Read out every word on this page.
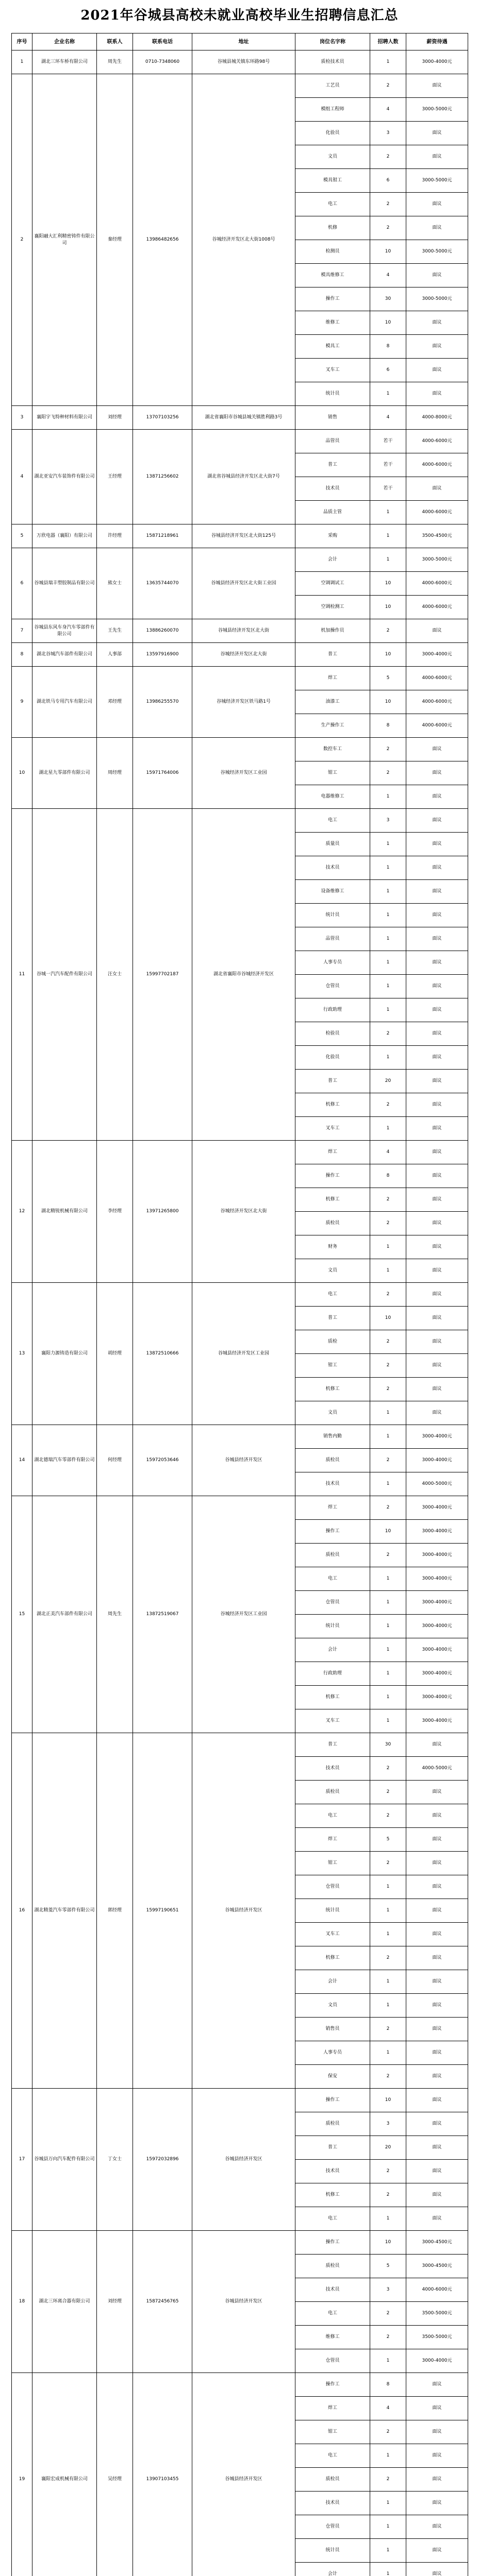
2021年谷城县高校未就业高校毕业生招聘信息汇总
序号	企业名称	联系人	联系电话	地址	岗位名字称	招聘人数	薪资待遇
1	湖北三环车桥有限公司	周先生	0710-7348060	谷城县城关镇东环路98号	质检技术员	1	3000-4000元
2	襄阳融大汇利精密铸件有限公司	秦经理	13986482656	谷城经济开发区北大街1008号	工艺员	2	面议
					模组工程师	4	3000-5000元
					化验员	3	面议
					文员	2	面议
					模具钳工	6	3000-5000元
					电工	2	面议
					机修	2	面议
					检测员	10	3000-5000元
					模具维修工	4	面议
					操作工	30	3000-5000元
					维修工	10	面议
					模具工	8	面议
					叉车工	6	面议
					统计员	1	面议
3	襄阳宇飞特种材料有限公司	刘经理	13707103256	湖北省襄阳市谷城县城关镇胜利路3号	销售	4	4000-8000元
4	湖北亚安汽车装饰件有限公司	王经理	13871256602	湖北省谷城县经济开发区北大街7号	品管员	若干	4000-6000元
					普工	若干	4000-6000元
					技术员	若干	面议
					品质主管	1	4000-6000元
5	万欣电器（襄阳）有限公司	许经理	15871218961	谷城县经济开发区北大街125号	采购	1	3500-4500元
6	谷城县瑞丰塑胶制品有限公司	熊女士	13635744070	谷城县经济开发区北大街工业园	会计	1	3000-5000元
					空调调试工	10	4000-6000元
					空调检测工	10	4000-6000元
7	谷城县东风车身汽车零部件有限公司	王先生	13886260070	谷城县经济开发区北大街	机加操作员	2	面议
8	湖北谷城汽车部件有限公司	人事部	13597916900	谷城经济开发区北大街	普工	10	3000-4000元
9	湖北铁马专用汽车有限公司	邓经理	13986255570	谷城经济开发区铁马路1号	焊工	5	4000-6000元
					油漆工	10	4000-6000元
					生产操作工	8	4000-6000元
10	湖北星九零部件有限公司	周经理	15971764006	谷城经济开发区工业园	数控车工	2	面议
					钳工	2	面议
					电器维修工	1	面议
11	谷城一汽汽车配件有限公司	汪女士	15997702187	湖北省襄阳市谷城经济开发区	电工	3	面议
					质量员	1	面议
					技术员	1	面议
					设备维修工	1	面议
					统计员	1	面议
					品管员	1	面议
					人事专员	1	面议
					仓管员	1	面议
					行政助理	1	面议
					检验员	2	面议
					化验员	1	面议
					普工	20	面议
					机修工	2	面议
					叉车工	1	面议
12	湖北精锐机械有限公司	李经理	13971265800	谷城经济开发区北大街	焊工	4	面议
					操作工	8	面议
					机修工	2	面议
					质检员	2	面议
					财务	1	面议
					文员	1	面议
13	襄阳力源铸造有限公司	胡经理	13872510666	谷城县经济开发区工业园	电工	2	面议
					普工	10	面议
					质检	2	面议
					钳工	2	面议
					机修工	2	面议
					文员	1	面议
14	湖北德瑞汽车零部件有限公司	何经理	15972053646	谷城县经济开发区	销售内勤	1	3000-4000元
					质检员	2	3000-4000元
					技术员	1	4000-5000元
15	湖北正美汽车部件有限公司	周先生	13872519067	谷城经济开发区工业园	焊工	2	3000-4000元
					操作工	10	3000-4000元
					质检员	2	3000-4000元
					电工	1	3000-4000元
					仓管员	1	3000-4000元
					统计员	1	3000-4000元
					会计	1	3000-4000元
					行政助理	1	3000-4000元
					机修工	1	3000-4000元
					叉车工	1	3000-4000元
16	湖北精菱汽车零部件有限公司	郭经理	15997190651	谷城县经济开发区	普工	30	面议
					技术员	2	4000-5000元
					质检员	2	面议
					电工	2	面议
					焊工	5	面议
					钳工	2	面议
					仓管员	1	面议
					统计员	1	面议
					叉车工	1	面议
					机修工	2	面议
					会计	1	面议
					文员	1	面议
					销售员	2	面议
					人事专员	1	面议
					保安	2	面议
17	谷城县万向汽车配件有限公司	丁女士	15972032896	谷城县经济开发区	操作工	10	面议
					质检员	3	面议
					普工	20	面议
					技术员	2	面议
					机修工	2	面议
					电工	1	面议
18	湖北三环离合器有限公司	刘经理	15872456765	谷城县经济开发区	操作工	10	3000-4500元
					质检员	5	3000-4500元
					技术员	3	4000-6000元
					电工	2	3500-5000元
					维修工	2	3500-5000元
					仓管员	1	3000-4000元
19	襄阳宏成机械有限公司	吴经理	13907103455	谷城县经济开发区	操作工	8	面议
					焊工	4	面议
					钳工	2	面议
					电工	1	面议
					质检员	2	面议
					技术员	1	面议
					仓管员	1	面议
					统计员	1	面议
					会计	1	面议
